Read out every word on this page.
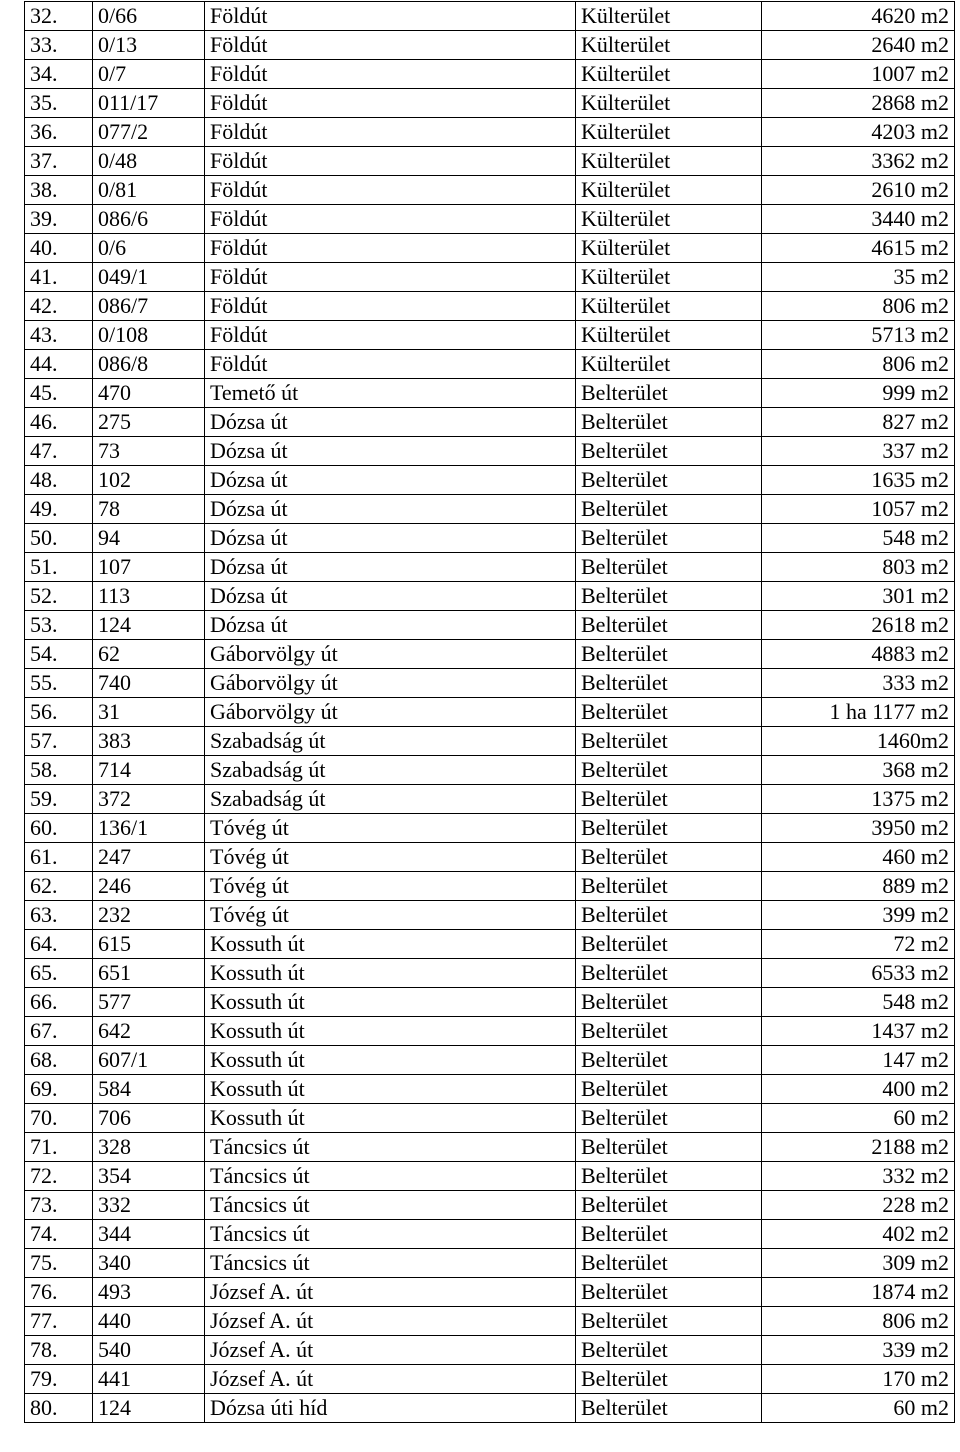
32.	0/66	Földút	Külterület	4620 m2
33.	0/13	Földút	Külterület	2640 m2
34.	0/7	Földút	Külterület	1007 m2
35.	011/17	Földút	Külterület	2868 m2
36.	077/2	Földút	Külterület	4203 m2
37.	0/48	Földút	Külterület	3362 m2
38.	0/81	Földút	Külterület	2610 m2
39.	086/6	Földút	Külterület	3440 m2
40.	0/6	Földút	Külterület	4615 m2
41.	049/1	Földút	Külterület	35 m2
42.	086/7	Földút	Külterület	806 m2
43.	0/108	Földút	Külterület	5713 m2
44.	086/8	Földút	Külterület	806 m2
45.	470	Temető út	Belterület	999 m2
46.	275	Dózsa út	Belterület	827 m2
47.	73	Dózsa út	Belterület	337 m2
48.	102	Dózsa út	Belterület	1635 m2
49.	78	Dózsa út	Belterület	1057 m2
50.	94	Dózsa út	Belterület	548 m2
51.	107	Dózsa út	Belterület	803 m2
52.	113	Dózsa út	Belterület	301 m2
53.	124	Dózsa út	Belterület	2618 m2
54.	62	Gáborvölgy út	Belterület	4883 m2
55.	740	Gáborvölgy út	Belterület	333 m2
56.	31	Gáborvölgy út	Belterület	1 ha 1177 m2
57.	383	Szabadság út	Belterület	1460m2
58.	714	Szabadság út	Belterület	368 m2
59.	372	Szabadság út	Belterület	1375 m2
60.	136/1	Tóvég út	Belterület	3950 m2
61.	247	Tóvég út	Belterület	460 m2
62.	246	Tóvég út	Belterület	889 m2
63.	232	Tóvég út	Belterület	399 m2
64.	615	Kossuth út	Belterület	72 m2
65.	651	Kossuth út	Belterület	6533 m2
66.	577	Kossuth út	Belterület	548 m2
67.	642	Kossuth út	Belterület	1437 m2
68.	607/1	Kossuth út	Belterület	147 m2
69.	584	Kossuth út	Belterület	400 m2
70.	706	Kossuth út	Belterület	60 m2
71.	328	Táncsics út	Belterület	2188 m2
72.	354	Táncsics út	Belterület	332 m2
73.	332	Táncsics út	Belterület	228 m2
74.	344	Táncsics út	Belterület	402 m2
75.	340	Táncsics út	Belterület	309 m2
76.	493	József A. út	Belterület	1874 m2
77.	440	József A. út	Belterület	806 m2
78.	540	József A. út	Belterület	339 m2
79.	441	József A. út	Belterület	170 m2
80.	124	Dózsa úti híd	Belterület	60 m2
